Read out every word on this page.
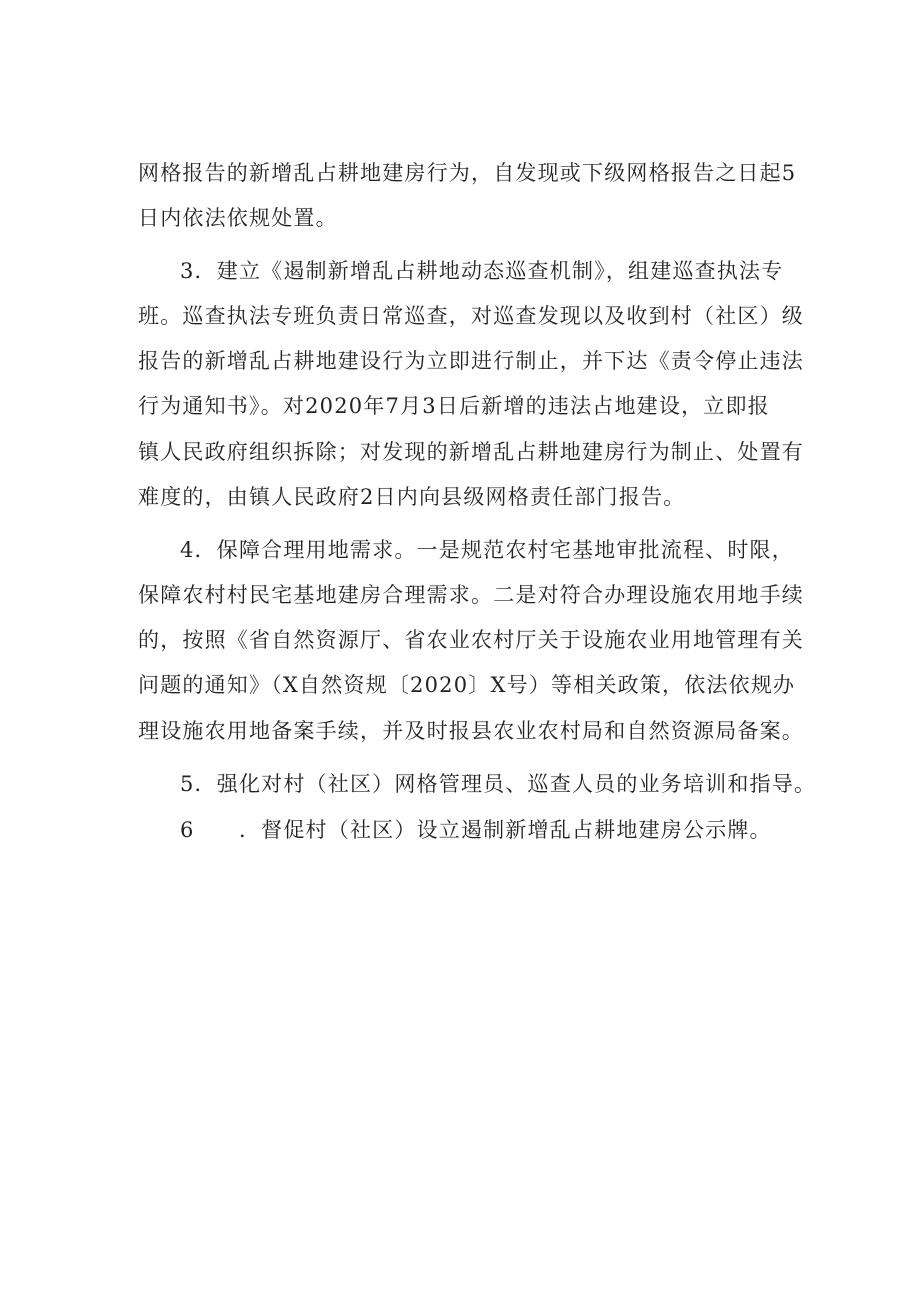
网格报告的新增乱占耕地建房行为，自发现或下级网格报告之日起5
日内依法依规处置。
3．建立《遏制新增乱占耕地动态巡查机制》，组建巡查执法专
班。巡查执法专班负责日常巡查，对巡查发现以及收到村（社区）级
报告的新增乱占耕地建设行为立即进行制止，并下达《责令停止违法
行为通知书》。对2020年7月3日后新增的违法占地建设，立即报
镇人民政府组织拆除；对发现的新增乱占耕地建房行为制止、处置有
难度的，由镇人民政府2日内向县级网格责任部门报告。
4．保障合理用地需求。一是规范农村宅基地审批流程、时限，
保障农村村民宅基地建房合理需求。二是对符合办理设施农用地手续
的，按照《省自然资源厅、省农业农村厅关于设施农业用地管理有关
问题的通知》（X自然资规〔2020〕X号）等相关政策，依法依规办
理设施农用地备案手续，并及时报县农业农村局和自然资源局备案。
5．强化对村（社区）网格管理员、巡查人员的业务培训和指导。
6　　．督促村（社区）设立遏制新增乱占耕地建房公示牌。
